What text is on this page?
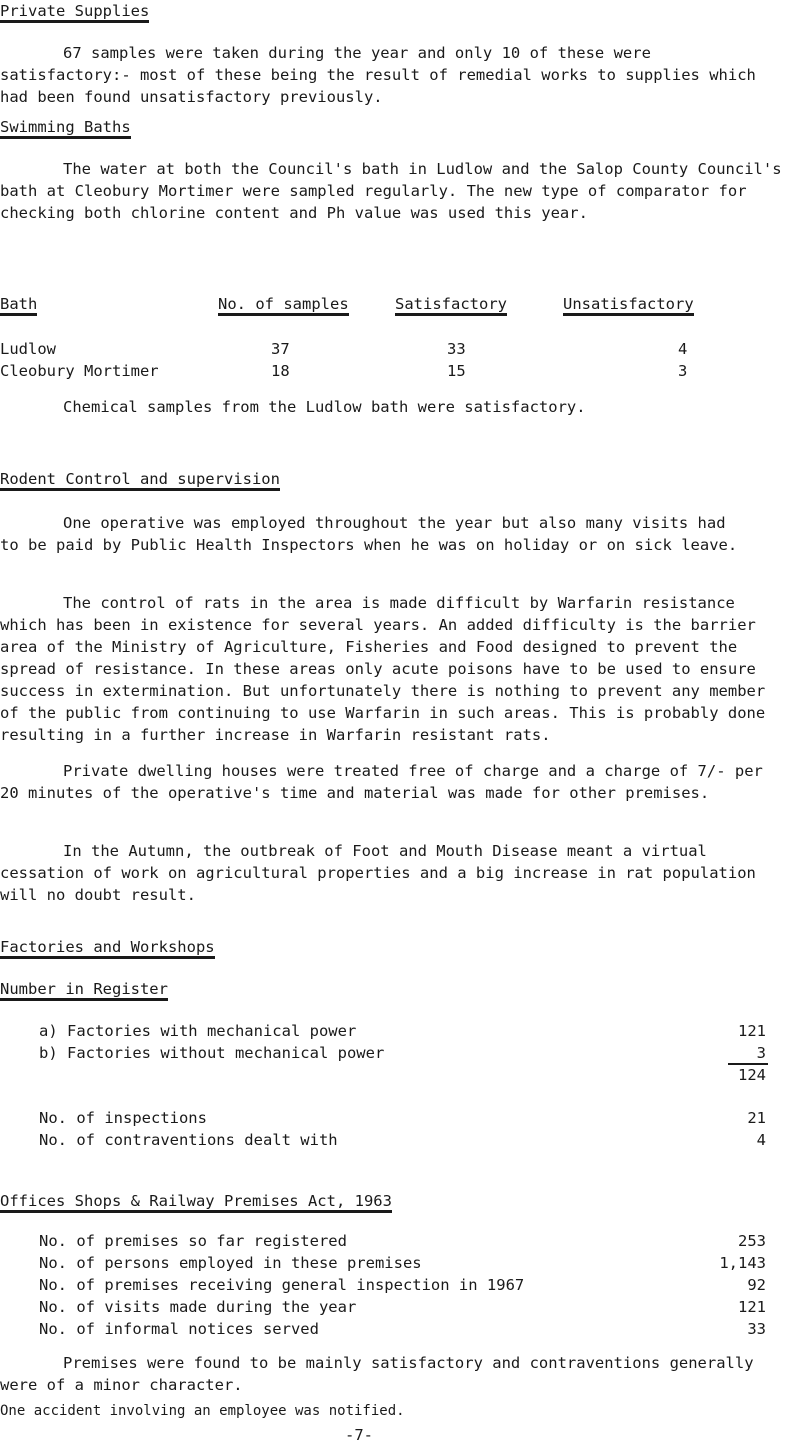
Private Supplies

67 samples were taken during the year and only 10 of these were satisfactory:- most of these being the result of remedial works to supplies which had been found unsatisfactory previously.

Swimming Baths

The water at both the Council's bath in Ludlow and the Salop County Council's bath at Cleobury Mortimer were sampled regularly. The new type of comparator for checking both chlorine content and Ph value was used this year.

Bath	No. of samples	Satisfactory	Unsatisfactory
Ludlow	37	33	4
Cleobury Mortimer	18	15	3

Chemical samples from the Ludlow bath were satisfactory.

Rodent Control and supervision

One operative was employed throughout the year but also many visits had to be paid by Public Health Inspectors when he was on holiday or on sick leave.

The control of rats in the area is made difficult by Warfarin resistance which has been in existence for several years. An added difficulty is the barrier area of the Ministry of Agriculture, Fisheries and Food designed to prevent the spread of resistance. In these areas only acute poisons have to be used to ensure success in extermination. But unfortunately there is nothing to prevent any member of the public from continuing to use Warfarin in such areas. This is probably done resulting in a further increase in Warfarin resistant rats.

Private dwelling houses were treated free of charge and a charge of 7/- per 20 minutes of the operative's time and material was made for other premises.

In the Autumn, the outbreak of Foot and Mouth Disease meant a virtual cessation of work on agricultural properties and a big increase in rat population will no doubt result.

Factories and Workshops
Number in Register
a) Factories with mechanical power	121
b) Factories without mechanical power	3
124
No. of inspections	21
No. of contraventions dealt with	4
Offices Shops & Railway Premises Act, 1963
No. of premises so far registered	253
No. of persons employed in these premises	1,143
No. of premises receiving general inspection in 1967	92
No. of visits made during the year	121
No. of informal notices served	33

Premises were found to be mainly satisfactory and contraventions generally were of a minor character.

One accident involving an employee was notified.

-7-
